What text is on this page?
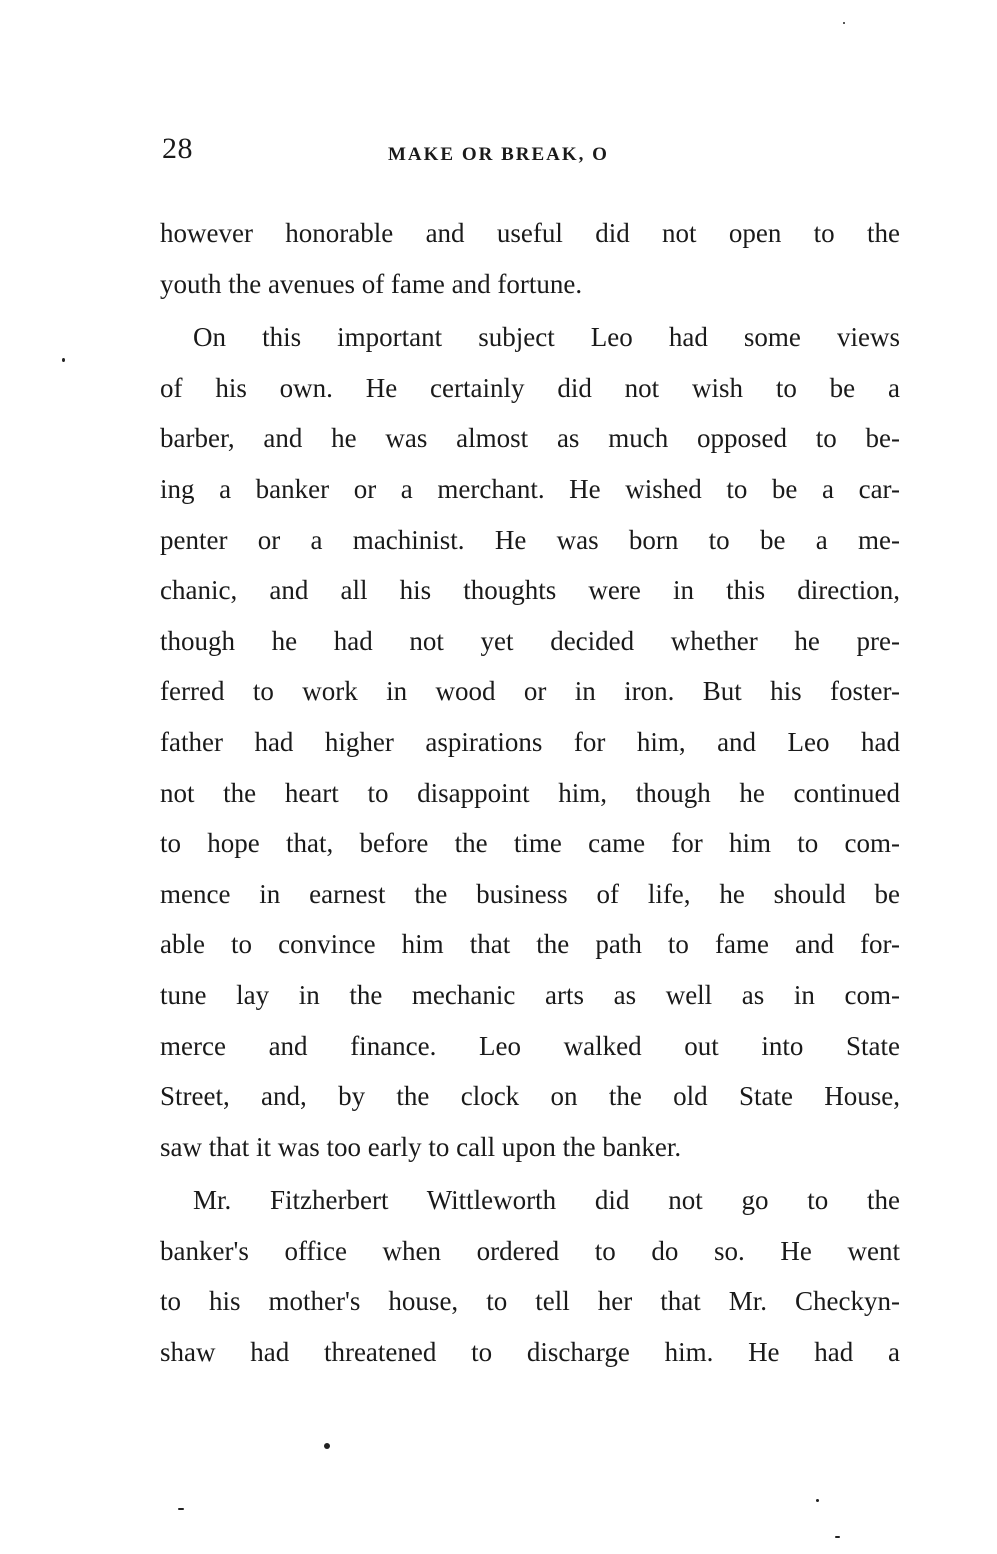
28	MAKE OR BREAK, O
however honorable and useful did not open to the
youth the avenues of fame and fortune.
On this important subject Leo had some views
of his own. He certainly did not wish to be a
barber, and he was almost as much opposed to be-
ing a banker or a merchant. He wished to be a car-
penter or a machinist. He was born to be a me-
chanic, and all his thoughts were in this direction,
though he had not yet decided whether he pre-
ferred to work in wood or in iron. But his foster-
father had higher aspirations for him, and Leo had
not the heart to disappoint him, though he continued
to hope that, before the time came for him to com-
mence in earnest the business of life, he should be
able to convince him that the path to fame and for-
tune lay in the mechanic arts as well as in com-
merce and finance. Leo walked out into State
Street, and, by the clock on the old State House,
saw that it was too early to call upon the banker.
Mr. Fitzherbert Wittleworth did not go to the
banker's office when ordered to do so. He went
to his mother's house, to tell her that Mr. Checkyn-
shaw had threatened to discharge him. He had a
